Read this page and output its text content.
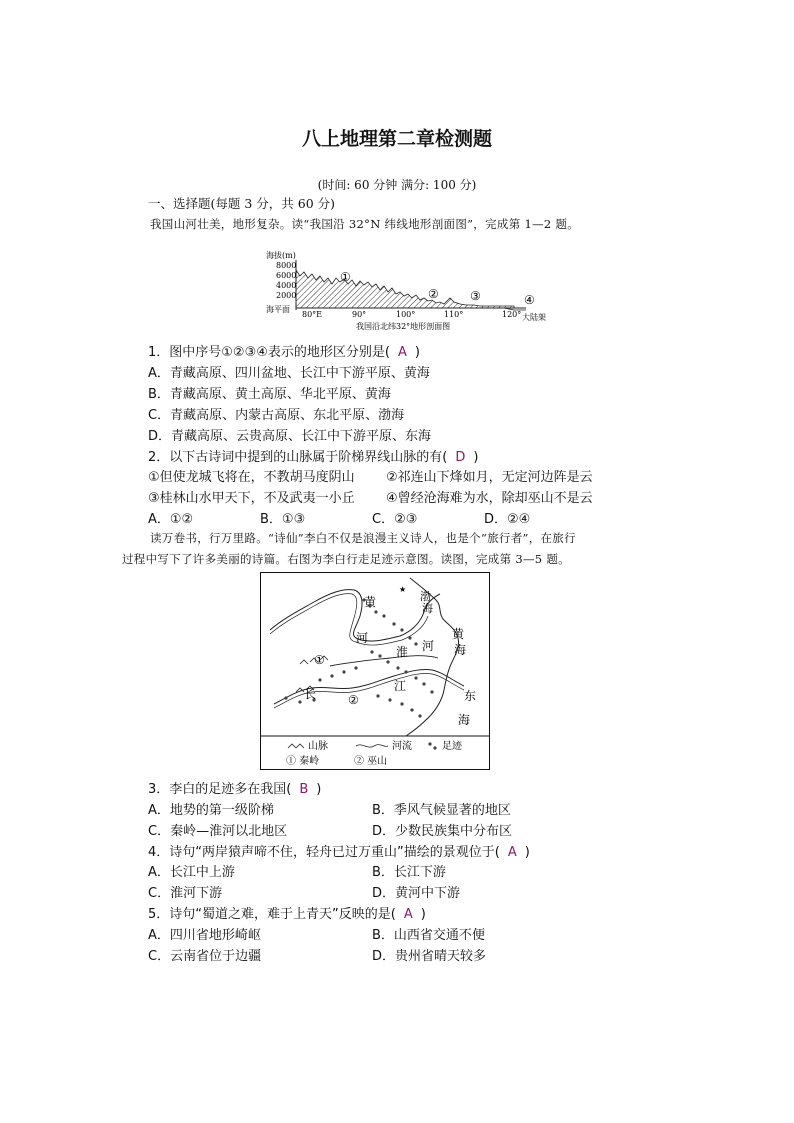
八上地理第二章检测题
(时间: 60 分钟 满分: 100 分)
一、选择题(每题 3 分，共 60 分)
我国山河壮美，地形复杂。读“我国沿 32°N 纬线地形剖面图”，完成第 1—2 题。
海拔(m)
8000
6000
4000
2000
海平面
80°E	90°	100°	110°	120° 大陆架
①
②	③	④
我国沿北纬32°地形剖面图
1．图中序号①②③④表示的地形区分别是( A )
A．青藏高原、四川盆地、长江中下游平原、黄海
B．青藏高原、黄土高原、华北平原、黄海
C．青藏高原、内蒙古高原、东北平原、渤海
D．青藏高原、云贵高原、长江中下游平原、东海
2．以下古诗词中提到的山脉属于阶梯界线山脉的有( D )
①但使龙城飞将在，不教胡马度阴山 ②祁连山下烽如月，无定河边阵是云
③桂林山水甲天下，不及武夷一小丘 ④曾经沧海难为水，除却巫山不是云
A．①②	B．①③	C．②③	D．②④
读万卷书，行万里路。“诗仙”李白不仅是浪漫主义诗人，也是个“旅行者”，在旅行
过程中写下了许多美丽的诗篇。右图为李白行走足迹示意图。读图，完成第 3—5 题。
★
黄	渤
海
河
淮 河
黄
海
长
江
东
海
①
②
山脉	河流	足迹
① 秦岭	② 巫山
3．李白的足迹多在我国( B )
A．地势的第一级阶梯	B．季风气候显著的地区
C．秦岭—淮河以北地区	D．少数民族集中分布区
4．诗句“两岸猿声啼不住，轻舟已过万重山”描绘的景观位于( A )
A．长江中上游	B．长江下游
C．淮河下游	D．黄河中下游
5．诗句“蜀道之难，难于上青天”反映的是( A )
A．四川省地形崎岖	B．山西省交通不便
C．云南省位于边疆	D．贵州省晴天较多
